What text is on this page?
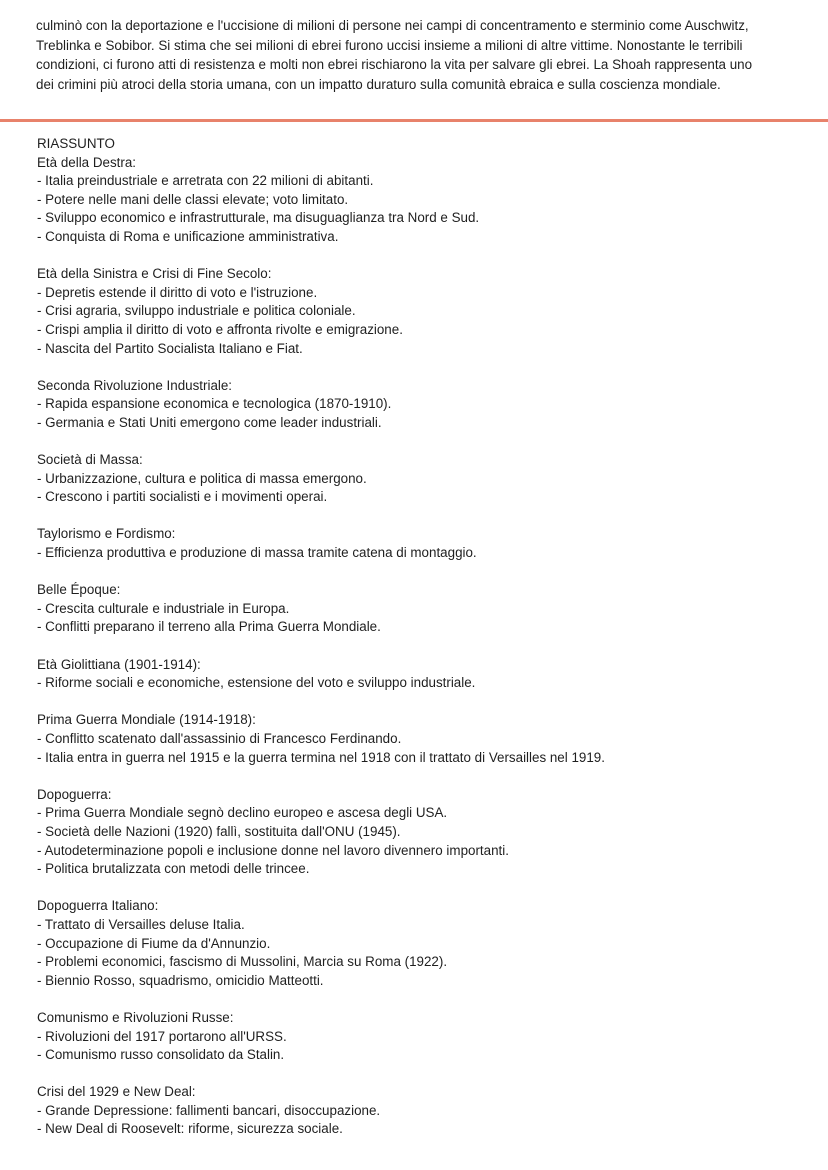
culminò con la deportazione e l'uccisione di milioni di persone nei campi di concentramento e sterminio come Auschwitz,

Treblinka e Sobibor. Si stima che sei milioni di ebrei furono uccisi insieme a milioni di altre vittime. Nonostante le terribili

condizioni, ci furono atti di resistenza e molti non ebrei rischiarono la vita per salvare gli ebrei. La Shoah rappresenta uno

dei crimini più atroci della storia umana, con un impatto duraturo sulla comunità ebraica e sulla coscienza mondiale.

RIASSUNTO

Età della Destra:

- Italia preindustriale e arretrata con 22 milioni di abitanti.

- Potere nelle mani delle classi elevate; voto limitato.

- Sviluppo economico e infrastrutturale, ma disuguaglianza tra Nord e Sud.

- Conquista di Roma e unificazione amministrativa.

Età della Sinistra e Crisi di Fine Secolo:

- Depretis estende il diritto di voto e l'istruzione.

- Crisi agraria, sviluppo industriale e politica coloniale.

- Crispi amplia il diritto di voto e affronta rivolte e emigrazione.

- Nascita del Partito Socialista Italiano e Fiat.

Seconda Rivoluzione Industriale:

- Rapida espansione economica e tecnologica (1870-1910).

- Germania e Stati Uniti emergono come leader industriali.

Società di Massa:

- Urbanizzazione, cultura e politica di massa emergono.

- Crescono i partiti socialisti e i movimenti operai.

Taylorismo e Fordismo:

- Efficienza produttiva e produzione di massa tramite catena di montaggio.

Belle Époque:

- Crescita culturale e industriale in Europa.

- Conflitti preparano il terreno alla Prima Guerra Mondiale.

Età Giolittiana (1901-1914):

- Riforme sociali e economiche, estensione del voto e sviluppo industriale.

Prima Guerra Mondiale (1914-1918):

- Conflitto scatenato dall'assassinio di Francesco Ferdinando.

- Italia entra in guerra nel 1915 e la guerra termina nel 1918 con il trattato di Versailles nel 1919.

Dopoguerra:

- Prima Guerra Mondiale segnò declino europeo e ascesa degli USA.

- Società delle Nazioni (1920) fallì, sostituita dall'ONU (1945).

- Autodeterminazione popoli e inclusione donne nel lavoro divennero importanti.

- Politica brutalizzata con metodi delle trincee.

Dopoguerra Italiano:

- Trattato di Versailles deluse Italia.

- Occupazione di Fiume da d'Annunzio.

- Problemi economici, fascismo di Mussolini, Marcia su Roma (1922).

- Biennio Rosso, squadrismo, omicidio Matteotti.

Comunismo e Rivoluzioni Russe:

- Rivoluzioni del 1917 portarono all'URSS.

- Comunismo russo consolidato da Stalin.

Crisi del 1929 e New Deal:

- Grande Depressione: fallimenti bancari, disoccupazione.

- New Deal di Roosevelt: riforme, sicurezza sociale.
